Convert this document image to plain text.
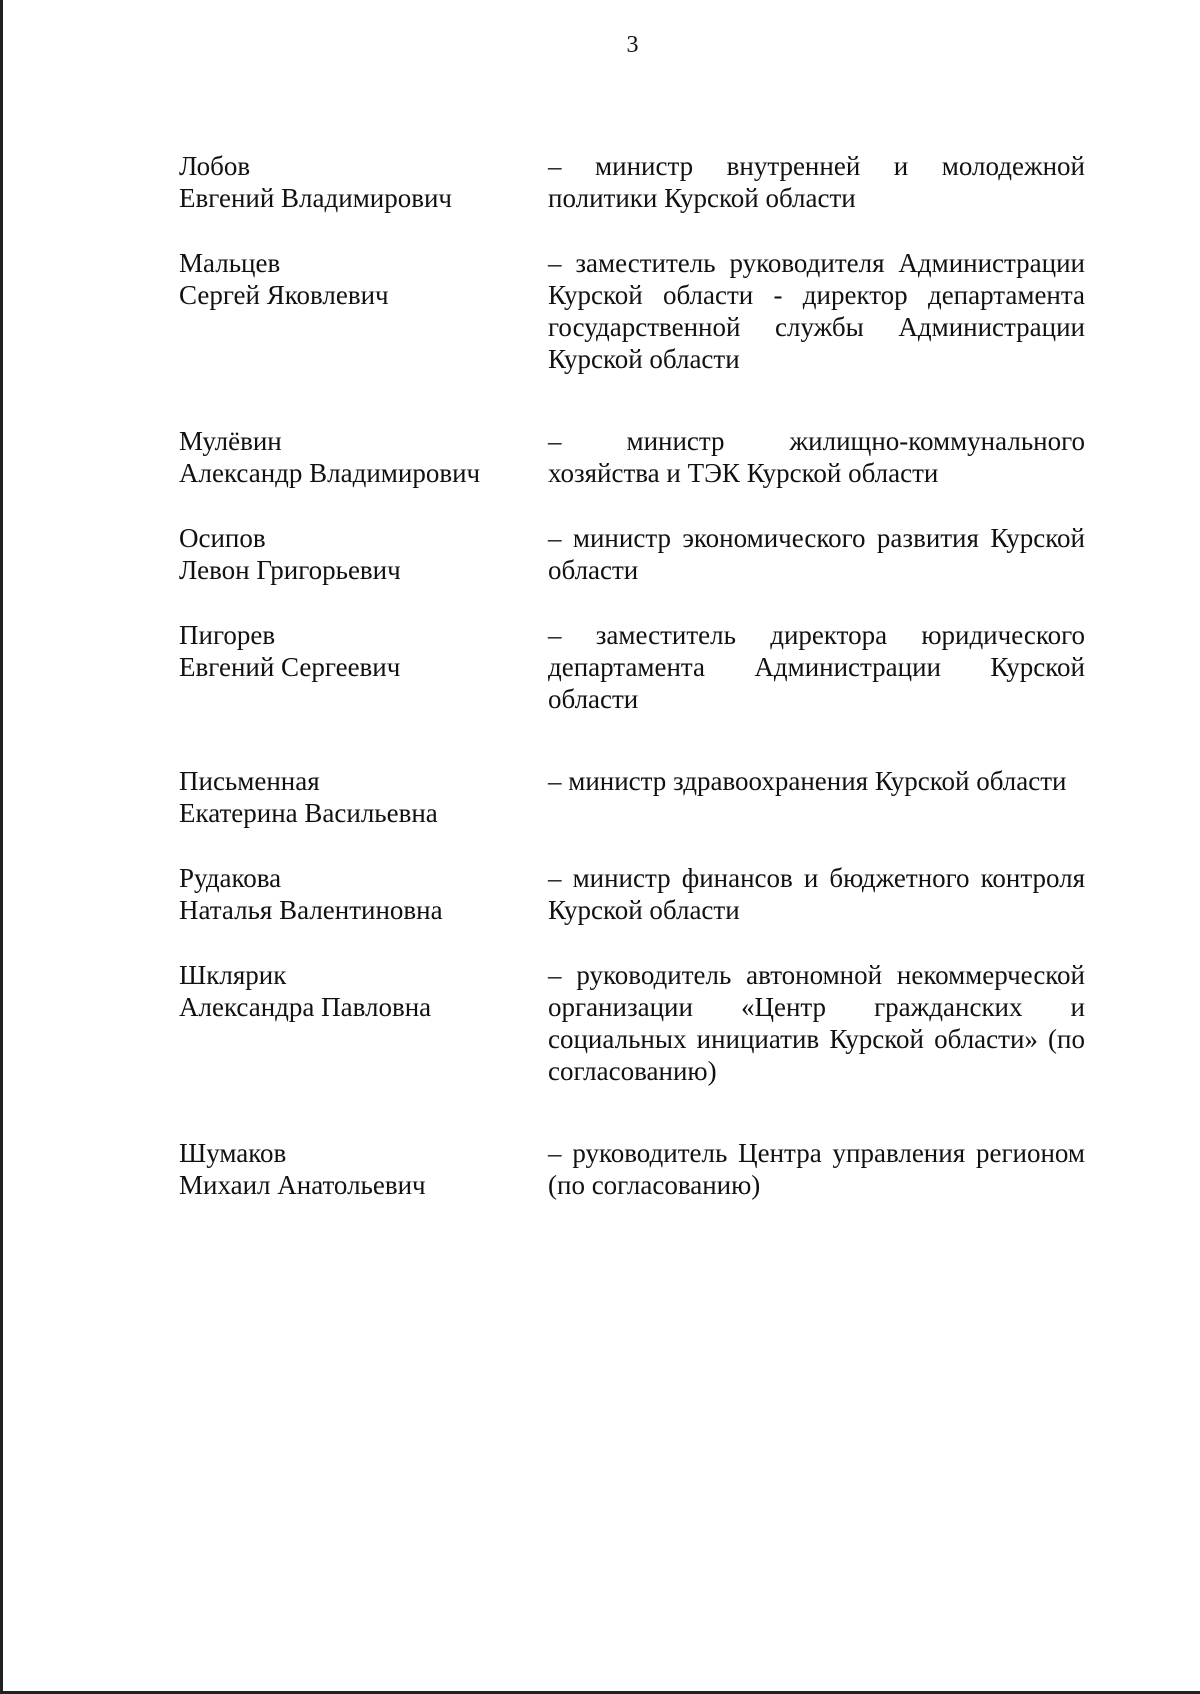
3
Лобов
Евгений Владимирович
– министр внутренней и молодежной политики Курской области
Мальцев
Сергей Яковлевич
– заместитель руководителя Администрации Курской области - директор департамента государственной службы Администрации Курской области
Мулёвин
Александр Владимирович
– министр жилищно-коммунального хозяйства и ТЭК Курской области
Осипов
Левон Григорьевич
– министр экономического развития Курской области
Пигорев
Евгений Сергеевич
– заместитель директора юридического департамента Администрации Курской области
Письменная
Екатерина Васильевна
– министр здравоохранения Курской области
Рудакова
Наталья Валентиновна
– министр финансов и бюджетного контроля Курской области
Шклярик
Александра Павловна
– руководитель автономной некоммерческой организации «Центр гражданских и социальных инициатив Курской области» (по согласованию)
Шумаков
Михаил Анатольевич
– руководитель Центра управления регионом (по согласованию)
